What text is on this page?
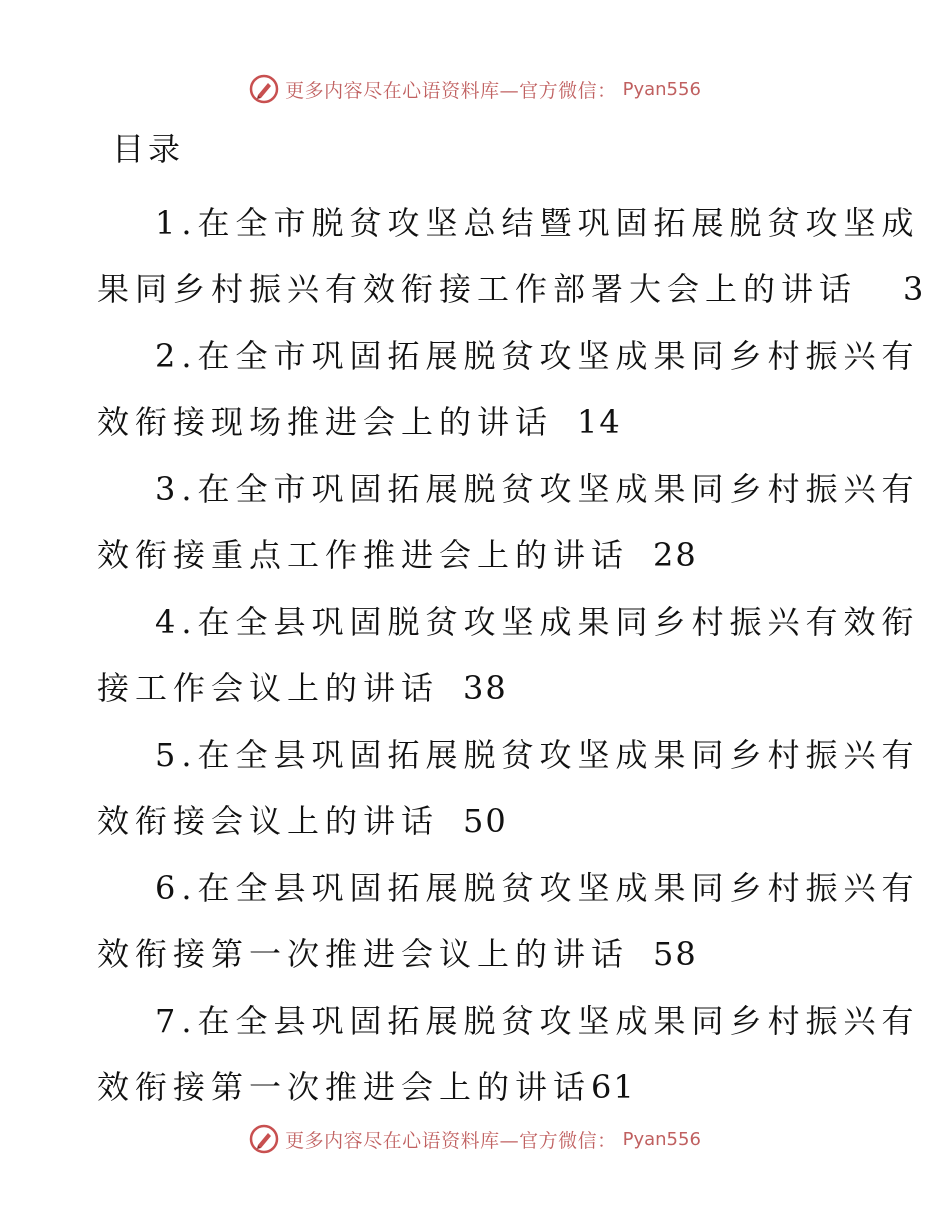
更多内容尽在心语资料库—官方微信： Pyan556
目录
1.在全市脱贫攻坚总结暨巩固拓展脱贫攻坚成
果同乡村振兴有效衔接工作部署大会上的讲话 3
2.在全市巩固拓展脱贫攻坚成果同乡村振兴有
效衔接现场推进会上的讲话 14
3.在全市巩固拓展脱贫攻坚成果同乡村振兴有
效衔接重点工作推进会上的讲话 28
4.在全县巩固脱贫攻坚成果同乡村振兴有效衔
接工作会议上的讲话 38
5.在全县巩固拓展脱贫攻坚成果同乡村振兴有
效衔接会议上的讲话 50
6.在全县巩固拓展脱贫攻坚成果同乡村振兴有
效衔接第一次推进会议上的讲话 58
7.在全县巩固拓展脱贫攻坚成果同乡村振兴有
效衔接第一次推进会上的讲话61
更多内容尽在心语资料库—官方微信： Pyan556
